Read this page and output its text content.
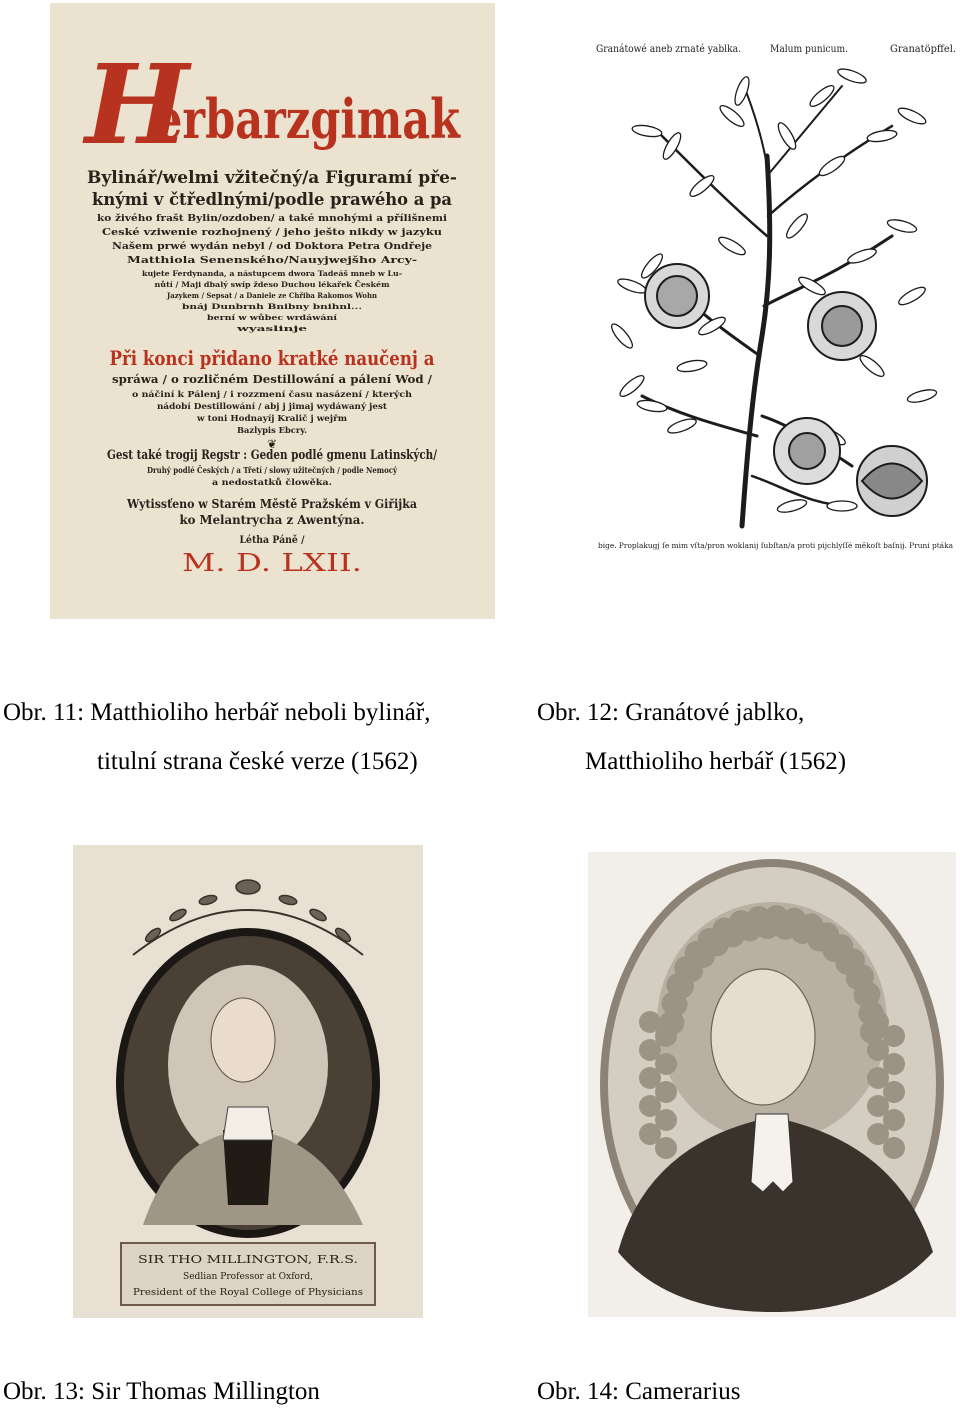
H
erbarzgimak
Bylinář/welmi vžitečný/a Figuramí pře-
knými v čtředlnými/podle prawého a pa
ko živého frašt Bylin/ozdoben/ a také mnohými a přílišnemi
Ceské vziwenie rozhojnený / jeho ješto nikdy w jazyku
Našem prwé wydán nebyl / od Doktora Petra Ondřeje
Matthiola Senenského/Nauyjwejšho Arcy-
kujete Ferdynanda, a nástupcem dwora Tadeáš mneb w Lu-
nůtí / Maji dbalý swíp ždeso Duchou lékařek Českém
Jazykem / Sepsat / a Daniele ze Chřiba Rakomos Wohn
bnáj Dunbrnh Bnibny bnihnl...
berní w wůbec wrdáwání
wyaslinje
Při konci přidano kratké naučenj a
spráwa / o rozličném Destillowání a pálení Wod /
o náčiní k Pálenj / i rozzmení času nasázení / kterých
nádobí Destillowání / abj j jimaj wydáwaný jest
w toni Hodnayíj Kralič j wejřm
Bazlypis Ebcry.
❦
Gest také trogij Regstr : Geden podlé gmenu Latinských/
Druhý podlé Českých / a Třetí / slowy užitečných / podle Nemocý
a nedostatků člowěka.
Wytissťeno w Starém Městě Pražském v Giřijka
ko Melantrycha z Awentýna.
Létha Páně /
M. D. LXII.
Obr. 11: Matthioliho herbář neboli bylinář,
titulní strana české verze (1562)
Granátowé aneb zrnaté yablka.	Malum punicum.	Granatöpffel.
bige. Proplakugj ſe mim vſta/pron woklanij ſubſtan/a proti pijchlyſſé měkoſt baſnij. Pruni ptáka
Obr. 12: Granátové jablko,
Matthioliho herbář (1562)
SIR THO MILLINGTON, F.R.S.
Sedlian Professor at Oxford,
President of the Royal College of Physicians
Obr. 13: Sir Thomas Millington	Obr. 14: Camerarius
